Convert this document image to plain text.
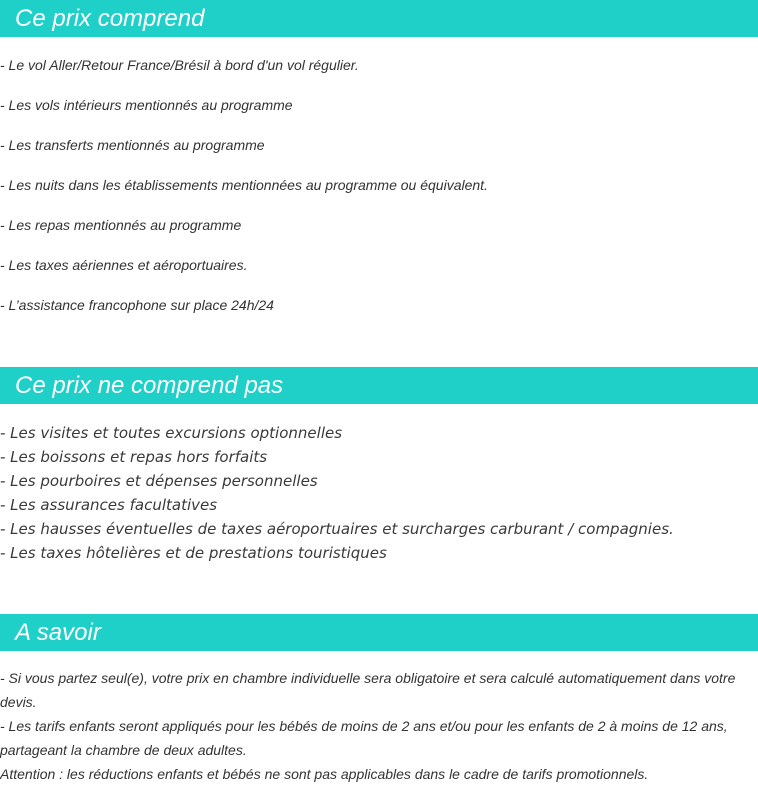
Ce prix comprend
- Le vol Aller/Retour France/Brésil à bord d'un vol régulier.
- Les vols intérieurs mentionnés au programme
- Les transferts mentionnés au programme
- Les nuits dans les établissements mentionnées au programme ou équivalent.
- Les repas mentionnés au programme
- Les taxes aériennes et aéroportuaires.
- L’assistance francophone sur place 24h/24
Ce prix ne comprend pas
- Les visites et toutes excursions optionnelles
- Les boissons et repas hors forfaits
- Les pourboires et dépenses personnelles
- Les assurances facultatives
- Les hausses éventuelles de taxes aéroportuaires et surcharges carburant / compagnies.
- Les taxes hôtelières et de prestations touristiques
A savoir

- Si vous partez seul(e), votre prix en chambre individuelle sera obligatoire et sera calculé automatiquement dans votre devis.

- Les tarifs enfants seront appliqués pour les bébés de moins de 2 ans et/ou pour les enfants de 2 à moins de 12 ans, partageant la chambre de deux adultes.

Attention : les réductions enfants et bébés ne sont pas applicables dans le cadre de tarifs promotionnels.
